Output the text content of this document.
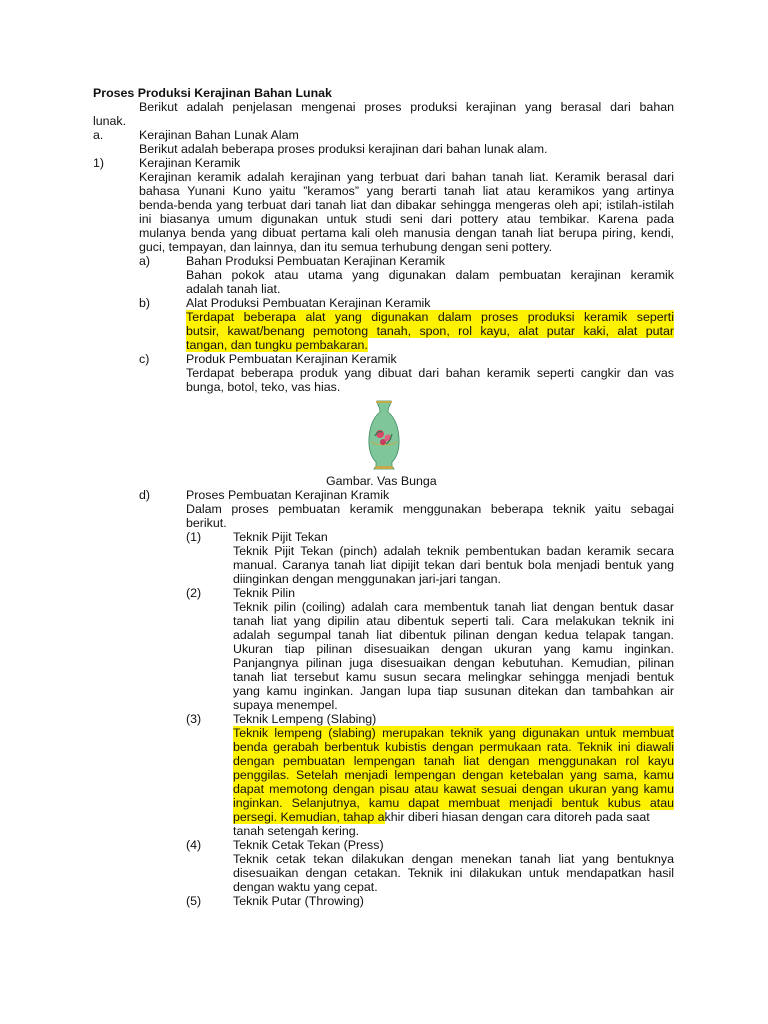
Proses Produksi Kerajinan Bahan Lunak
Berikut adalah penjelasan mengenai proses produksi kerajinan yang berasal dari bahan
lunak.
a.	Kerajinan Bahan Lunak Alam
Berikut adalah beberapa proses produksi kerajinan dari bahan lunak alam.
1)	Kerajinan Keramik
Kerajinan keramik adalah kerajinan yang terbuat dari bahan tanah liat. Keramik berasal dari
bahasa Yunani Kuno yaitu ”keramos” yang berarti tanah liat atau keramikos yang artinya
benda-benda yang terbuat dari tanah liat dan dibakar sehingga mengeras oleh api; istilah-istilah
ini biasanya umum digunakan untuk studi seni dari pottery atau tembikar. Karena pada
mulanya benda yang dibuat pertama kali oleh manusia dengan tanah liat berupa piring, kendi,
guci, tempayan, dan lainnya, dan itu semua terhubung dengan seni pottery.
a)	Bahan Produksi Pembuatan Kerajinan Keramik
Bahan pokok atau utama yang digunakan dalam pembuatan kerajinan keramik
adalah tanah liat.
b)	Alat Produksi Pembuatan Kerajinan Keramik
Terdapat beberapa alat yang digunakan dalam proses produksi keramik seperti
butsir, kawat/benang pemotong tanah, spon, rol kayu, alat putar kaki, alat putar
tangan, dan tungku pembakaran.
c)	Produk Pembuatan Kerajinan Keramik
Terdapat beberapa produk yang dibuat dari bahan keramik seperti cangkir dan vas
bunga, botol, teko, vas hias.
Gambar. Vas Bunga
d)	Proses Pembuatan Kerajinan Kramik
Dalam proses pembuatan keramik menggunakan beberapa teknik yaitu sebagai
berikut.
(1)	Teknik Pijit Tekan
Teknik Pijit Tekan (pinch) adalah teknik pembentukan badan keramik secara
manual. Caranya tanah liat dipijit tekan dari bentuk bola menjadi bentuk yang
diinginkan dengan menggunakan jari-jari tangan.
(2)	Teknik Pilin
Teknik pilin (coiling) adalah cara membentuk tanah liat dengan bentuk dasar
tanah liat yang dipilin atau dibentuk seperti tali. Cara melakukan teknik ini
adalah segumpal tanah liat dibentuk pilinan dengan kedua telapak tangan.
Ukuran tiap pilinan disesuaikan dengan ukuran yang kamu inginkan.
Panjangnya pilinan juga disesuaikan dengan kebutuhan. Kemudian, pilinan
tanah liat tersebut kamu susun secara melingkar sehingga menjadi bentuk
yang kamu inginkan. Jangan lupa tiap susunan ditekan dan tambahkan air
supaya menempel.
(3)	Teknik Lempeng (Slabing)
Teknik lempeng (slabing) merupakan teknik yang digunakan untuk membuat
benda gerabah berbentuk kubistis dengan permukaan rata. Teknik ini diawali
dengan pembuatan lempengan tanah liat dengan menggunakan rol kayu
penggilas. Setelah menjadi lempengan dengan ketebalan yang sama, kamu
dapat memotong dengan pisau atau kawat sesuai dengan ukuran yang kamu
inginkan. Selanjutnya, kamu dapat membuat menjadi bentuk kubus atau
persegi. Kemudian, tahap akhir diberi hiasan dengan cara ditoreh pada saat
tanah setengah kering.
(4)	Teknik Cetak Tekan (Press)
Teknik cetak tekan dilakukan dengan menekan tanah liat yang bentuknya
disesuaikan dengan cetakan. Teknik ini dilakukan untuk mendapatkan hasil
dengan waktu yang cepat.
(5)	Teknik Putar (Throwing)
